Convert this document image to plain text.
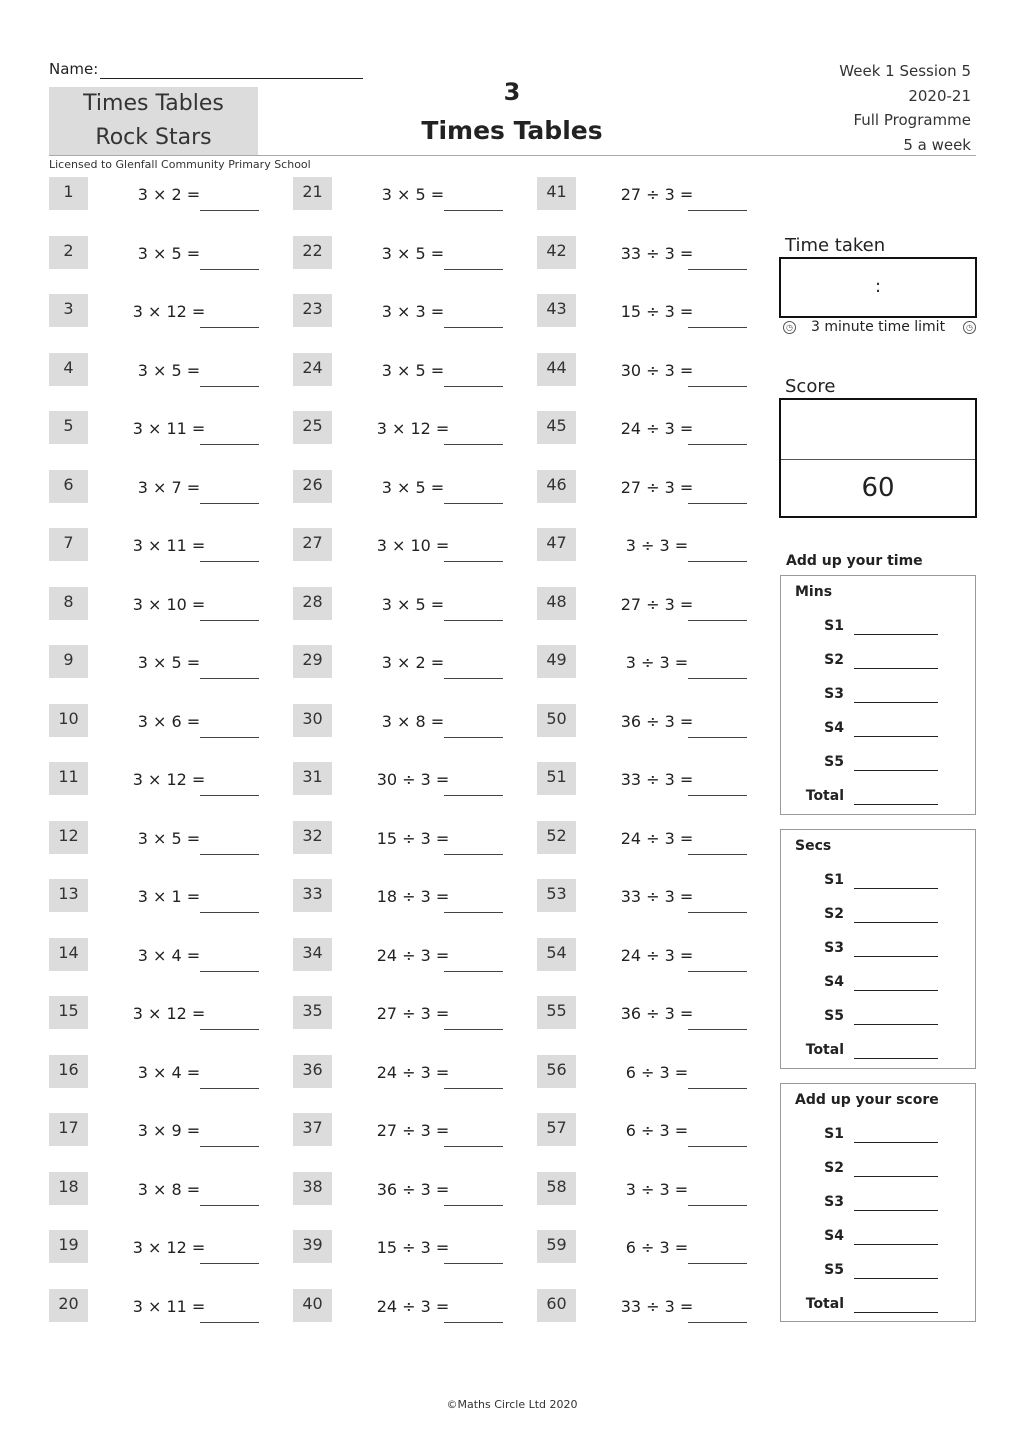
Name:
Times Tables
Rock Stars
3
Times Tables
Week 1 Session 5
2020-21
Full Programme
5 a week
Licensed to Glenfall Community Primary School
1	3 × 2 =
2	3 × 5 =
3	3 × 12 =
4	3 × 5 =
5	3 × 11 =
6	3 × 7 =
7	3 × 11 =
8	3 × 10 =
9	3 × 5 =
10	3 × 6 =
11	3 × 12 =
12	3 × 5 =
13	3 × 1 =
14	3 × 4 =
15	3 × 12 =
16	3 × 4 =
17	3 × 9 =
18	3 × 8 =
19	3 × 12 =
20	3 × 11 =
21	3 × 5 =
22	3 × 5 =
23	3 × 3 =
24	3 × 5 =
25	3 × 12 =
26	3 × 5 =
27	3 × 10 =
28	3 × 5 =
29	3 × 2 =
30	3 × 8 =
31	30 ÷ 3 =
32	15 ÷ 3 =
33	18 ÷ 3 =
34	24 ÷ 3 =
35	27 ÷ 3 =
36	24 ÷ 3 =
37	27 ÷ 3 =
38	36 ÷ 3 =
39	15 ÷ 3 =
40	24 ÷ 3 =
41	27 ÷ 3 =
42	33 ÷ 3 =
43	15 ÷ 3 =
44	30 ÷ 3 =
45	24 ÷ 3 =
46	27 ÷ 3 =
47	3 ÷ 3 =
48	27 ÷ 3 =
49	3 ÷ 3 =
50	36 ÷ 3 =
51	33 ÷ 3 =
52	24 ÷ 3 =
53	33 ÷ 3 =
54	24 ÷ 3 =
55	36 ÷ 3 =
56	6 ÷ 3 =
57	6 ÷ 3 =
58	3 ÷ 3 =
59	6 ÷ 3 =
60	33 ÷ 3 =
Time taken
:
◷ 3 minute time limit	◷
Score
60
Add up your time
Mins
S1
S2
S3
S4
S5
Total
Secs
S1
S2
S3
S4
S5
Total
Add up your score
S1
S2
S3
S4
S5
Total
©Maths Circle Ltd 2020
